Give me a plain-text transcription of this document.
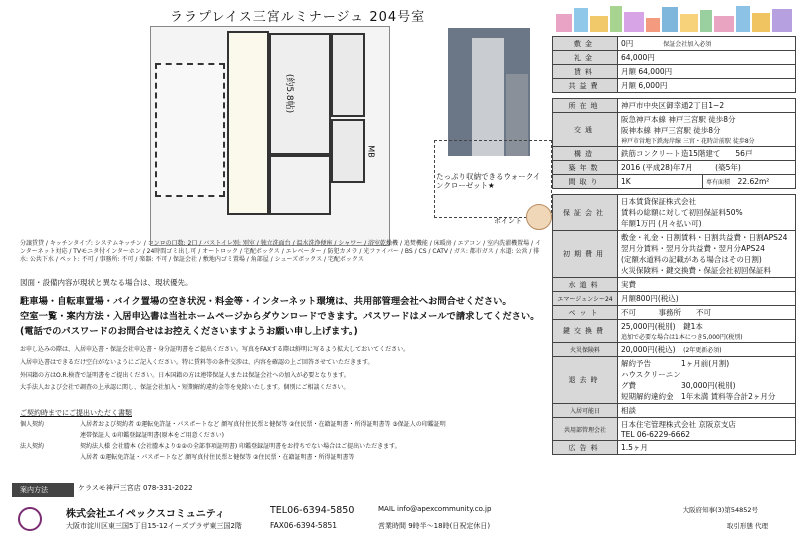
ララプレイス三宮ルミナージュ 204号室
(約5.8帖)
MB
たっぷり収納できるウォークインクローゼット★
ポイント
分譲賃貸 / キッチンタイプ: システムキッチン / コンロの口数: 2口 / バストイレ別: 別室 / 独立洗面台 / 温水洗浄便座 / シャワー / 浴室乾燥機 / 追焚機能 / 床暖房 / エアコン / 室内洗濯機置場 / インターネット対応 / TVモニタ付インターホン / 24時間ゴミ出し可 / オートロック / 宅配ボックス / エレベーター / 防犯カメラ / 光ファイバー / BS / CS / CATV / ガス: 都市ガス / 水道: 公営 / 排水: 公共下水 / ペット: 不可 / 事務所: 不可 / 楽器: 不可 / 保証会社 / 敷地内ゴミ置場 / 角部屋 / シューズボックス / 宅配ボックス
図面・設備内容が現状と異なる場合は、現状優先。
駐車場・自転車置場・バイク置場の空き状況・料金等・インターネット環境は、共用部管理会社へお問合せください。
空室一覧・案内方法・入居申込書は当社ホームページからダウンロードできます。パスワードはメールで請求してください。
(電話でのパスワードのお問合せはお控えくださいますようお願い申し上げます。)
お申し込みの際は、入居申込書・保証会社申込書・身分証明書をご提出ください。写真をFAXする際は鮮明に写るよう拡大しておいてください。
入居申込書はできるだけ空白がないようにご記入ください。特に賃料等の条件交渉は、内容を確認の上ご回答させていただきます。
外国籍の方はO.R.検査で証明書をご提出ください。日本国籍の方は連帯保証人または保証会社への加入が必要となります。
大手法人および会社で調査の上承認に関し、保証会社加入・短期解約違約金等を免除いたします。個別にご相談ください。
ご契約時までにご提出いただく書類
個人契約	入居者および契約者 ①運転免許証・パスポートなど 顔写真付住民票と健保等 ②住民票・在籍証明書・所得証明書等 ③保証人の印鑑証明
連帯保証人 ①印鑑登録証明書(原本をご用意ください)
法人契約	契約法人様 会社謄本 (会社謄本より①②の全部事項証明書) 印鑑登録証明書をお持ちでない場合はご提出いただきます。
入居者 ①運転免許証・パスポートなど 顔写真付住民票と健保等 ②住民票・在籍証明書・所得証明書等
案内方法	ケラスモ神戸三宮店 078-331-2022
株式会社エイペックスコミュニティ
大阪市淀川区東三国5丁目15-12イーズプラザ東三国2階
TEL06-6394-5850
FAX06-6394-5851
MAIL info@apexcommunity.co.jp
営業時間 9時半〜18時(日祝定休日)
大阪府知事(3)第54852号
取引形態 代理
敷金	0円　　　　 保証会社加入必須	
礼金	64,000円	
賃料	月額 64,000円	
共益費	月額 6,000円	

所在地	神戸市中央区御幸通2丁目1−2	
交通	阪急神戸本線 神戸三宮駅 徒歩8分
阪神本線 神戸三宮駅 徒歩8分
神戸市営地下鉄海岸線 三宮・花時計前駅 徒歩8分	

構造	鉄筋コンクリート造15階建て　　 56戸	
築年数	2016 (平成28)年7月　　　 (築5年)	
間取り	1K	専有面積　 22.62m²

保証会社	日本賃貸保証株式会社
賃料の総額に対して初回保証料50%
年額1万円 (月々払い可)	

初期費用	敷金・礼金・日割賃料・日割共益費・日割APS24
翌月分賃料・翌月分共益費・翌月分APS24
(定額水道料の記載がある場合はその日割)
火災保険料・鍵交換費・保証会社初回保証料	

水道料	実費	
エマージェンシー24	月額800円(税込)	
ペット	不可　　　 事務所　　 不可	
鍵交換費	25,000円(税別)　 鍵1本
追加で必要な場合は1本につき5,000円(税別)	

火災保険料	20,000円(税込)　 (2年更新必須)	
退去時	解約予告 1ヶ月前(月割)
ハウスクリーニング費 30,000円(税別)
短期解約違約金 1年未満 賃料等合計2ヶ月分	

入居可能日	相談	
共用部管理会社	日本住宅管理株式会社 京阪京支店
TEL 06-6229-6662	

広告料	1.5ヶ月	
